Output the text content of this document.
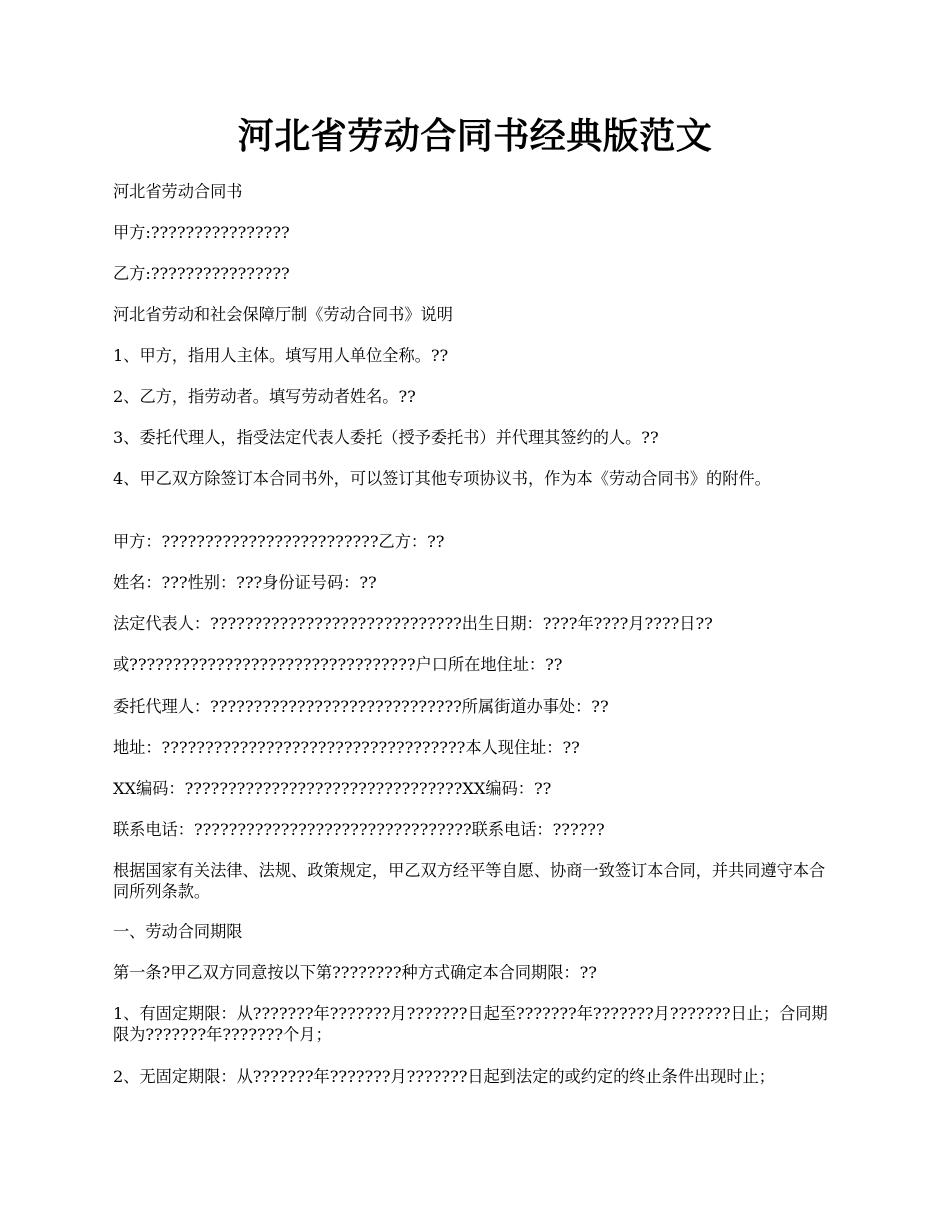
河北省劳动合同书经典版范文

河北省劳动合同书

甲方:????????????????

乙方:????????????????

河北省劳动和社会保障厅制《劳动合同书》说明

1、甲方，指用人主体。填写用人单位全称。??

2、乙方，指劳动者。填写劳动者姓名。??

3、委托代理人，指受法定代表人委托（授予委托书）并代理其签约的人。??

4、甲乙双方除签订本合同书外，可以签订其他专项协议书，作为本《劳动合同书》的附件。

甲方：?????????????????????????乙方：??

姓名：???性别：???身份证号码：??

法定代表人：?????????????????????????????出生日期：????年????月????日??

或?????????????????????????????????户口所在地住址：??

委托代理人：?????????????????????????????所属街道办事处：??

地址：???????????????????????????????????本人现住址：??

XX编码：????????????????????????????????XX编码：??

联系电话：????????????????????????????????联系电话：??????

根据国家有关法律、法规、政策规定，甲乙双方经平等自愿、协商一致签订本合同，并共同遵守本合同所列条款。

一、劳动合同期限

第一条?甲乙双方同意按以下第????????种方式确定本合同期限：??

1、有固定期限：从???????年???????月???????日起至???????年???????月???????日止；合同期限为???????年???????个月；

2、无固定期限：从???????年???????月???????日起到法定的或约定的终止条件出现时止；
